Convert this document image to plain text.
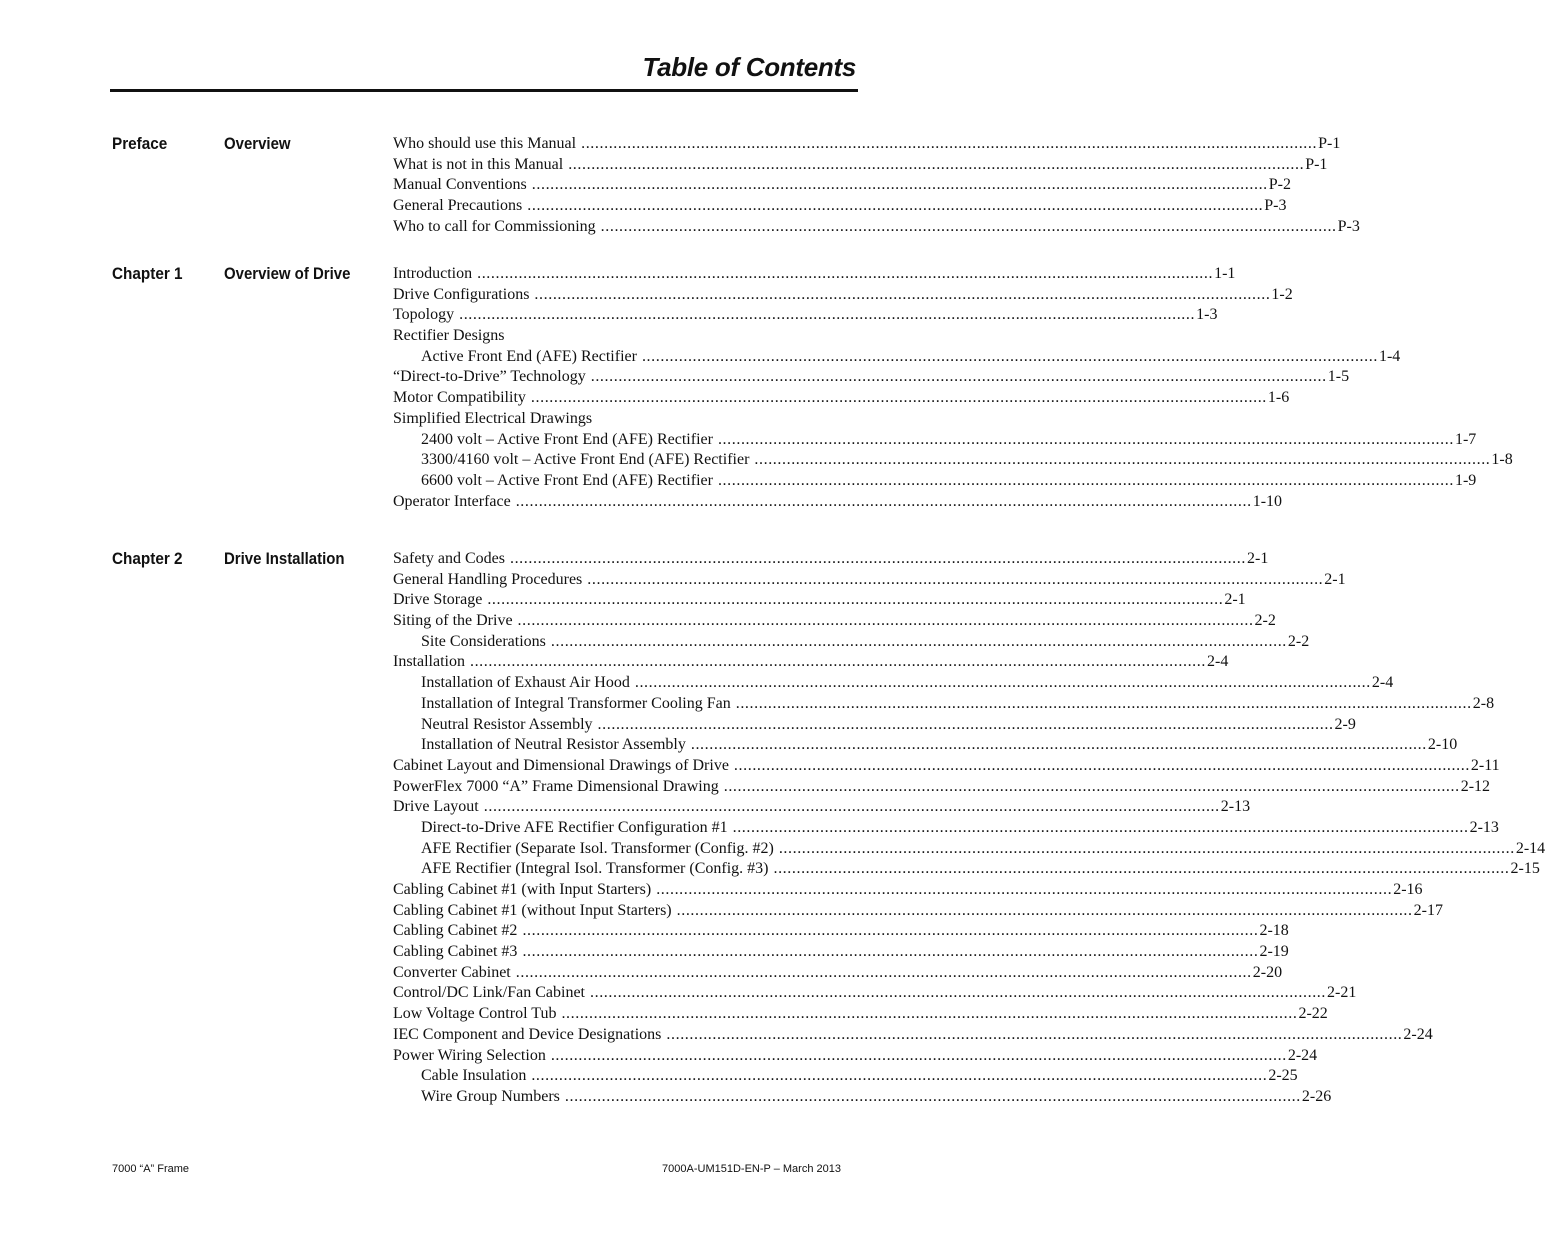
Table of Contents
Preface	Overview	Who should use this Manual ................................................................................................................................................................ P-1
What is not in this Manual ................................................................................................................................................................ P-1
Manual Conventions ................................................................................................................................................................ P-2
General Precautions ................................................................................................................................................................ P-3
Who to call for Commissioning ................................................................................................................................................................ P-3
Chapter 1 Overview of Drive	Introduction ................................................................................................................................................................ 1-1
Drive Configurations ................................................................................................................................................................ 1-2
Topology ................................................................................................................................................................ 1-3
Rectifier Designs
Active Front End (AFE) Rectifier ................................................................................................................................................................ 1-4
“Direct-to-Drive” Technology ................................................................................................................................................................ 1-5
Motor Compatibility ................................................................................................................................................................ 1-6
Simplified Electrical Drawings
2400 volt – Active Front End (AFE) Rectifier ................................................................................................................................................................ 1-7
3300/4160 volt – Active Front End (AFE) Rectifier ................................................................................................................................................................ 1-8
6600 volt – Active Front End (AFE) Rectifier ................................................................................................................................................................ 1-9
Operator Interface ................................................................................................................................................................ 1-10
Chapter 2 Drive Installation	Safety and Codes ................................................................................................................................................................ 2-1
General Handling Procedures ................................................................................................................................................................ 2-1
Drive Storage ................................................................................................................................................................ 2-1
Siting of the Drive ................................................................................................................................................................ 2-2
Site Considerations ................................................................................................................................................................ 2-2
Installation ................................................................................................................................................................ 2-4
Installation of Exhaust Air Hood ................................................................................................................................................................ 2-4
Installation of Integral Transformer Cooling Fan ................................................................................................................................................................ 2-8
Neutral Resistor Assembly ................................................................................................................................................................ 2-9
Installation of Neutral Resistor Assembly ................................................................................................................................................................ 2-10
Cabinet Layout and Dimensional Drawings of Drive ................................................................................................................................................................ 2-11
PowerFlex 7000 “A” Frame Dimensional Drawing ................................................................................................................................................................ 2-12
Drive Layout ................................................................................................................................................................ 2-13
Direct-to-Drive AFE Rectifier Configuration #1 ................................................................................................................................................................ 2-13
AFE Rectifier (Separate Isol. Transformer (Config. #2) ................................................................................................................................................................ 2-14
AFE Rectifier (Integral Isol. Transformer (Config. #3) ................................................................................................................................................................ 2-15
Cabling Cabinet #1 (with Input Starters) ................................................................................................................................................................ 2-16
Cabling Cabinet #1 (without Input Starters) ................................................................................................................................................................ 2-17
Cabling Cabinet #2 ................................................................................................................................................................ 2-18
Cabling Cabinet #3 ................................................................................................................................................................ 2-19
Converter Cabinet ................................................................................................................................................................ 2-20
Control/DC Link/Fan Cabinet ................................................................................................................................................................ 2-21
Low Voltage Control Tub ................................................................................................................................................................ 2-22
IEC Component and Device Designations ................................................................................................................................................................ 2-24
Power Wiring Selection ................................................................................................................................................................ 2-24
Cable Insulation ................................................................................................................................................................ 2-25
Wire Group Numbers ................................................................................................................................................................ 2-26
7000 “A” Frame	7000A-UM151D-EN-P – March 2013
